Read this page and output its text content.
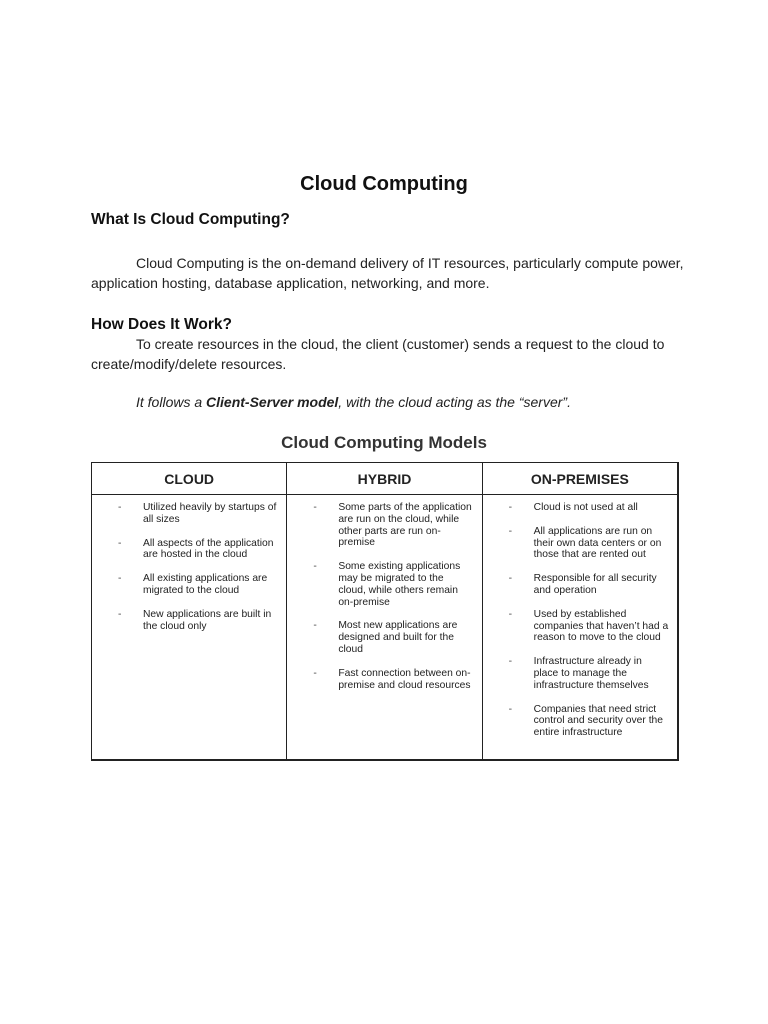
Cloud Computing
What Is Cloud Computing?
Cloud Computing is the on-demand delivery of IT resources, particularly compute power,
application hosting, database application, networking, and more.
How Does It Work?
To create resources in the cloud, the client (customer) sends a request to the cloud to
create/modify/delete resources.
It follows a Client-Server model, with the cloud acting as the “server”.
Cloud Computing Models
CLOUD
-	Utilized heavily by startups of all sizes
-	All aspects of the application are hosted in the cloud
-	All existing applications are migrated to the cloud
-	New applications are built in the cloud only
HYBRID
-	Some parts of the application are run on the cloud, while other parts are run on-premise
-	Some existing applications may be migrated to the cloud, while others remain on-premise
-	Most new applications are designed and built for the cloud
-	Fast connection between on-premise and cloud resources
ON-PREMISES
-	Cloud is not used at all
-	All applications are run on their own data centers or on those that are rented out
-	Responsible for all security and operation
-	Used by established companies that haven’t had a reason to move to the cloud
-	Infrastructure already in place to manage the infrastructure themselves
-	Companies that need strict control and security over the entire infrastructure
